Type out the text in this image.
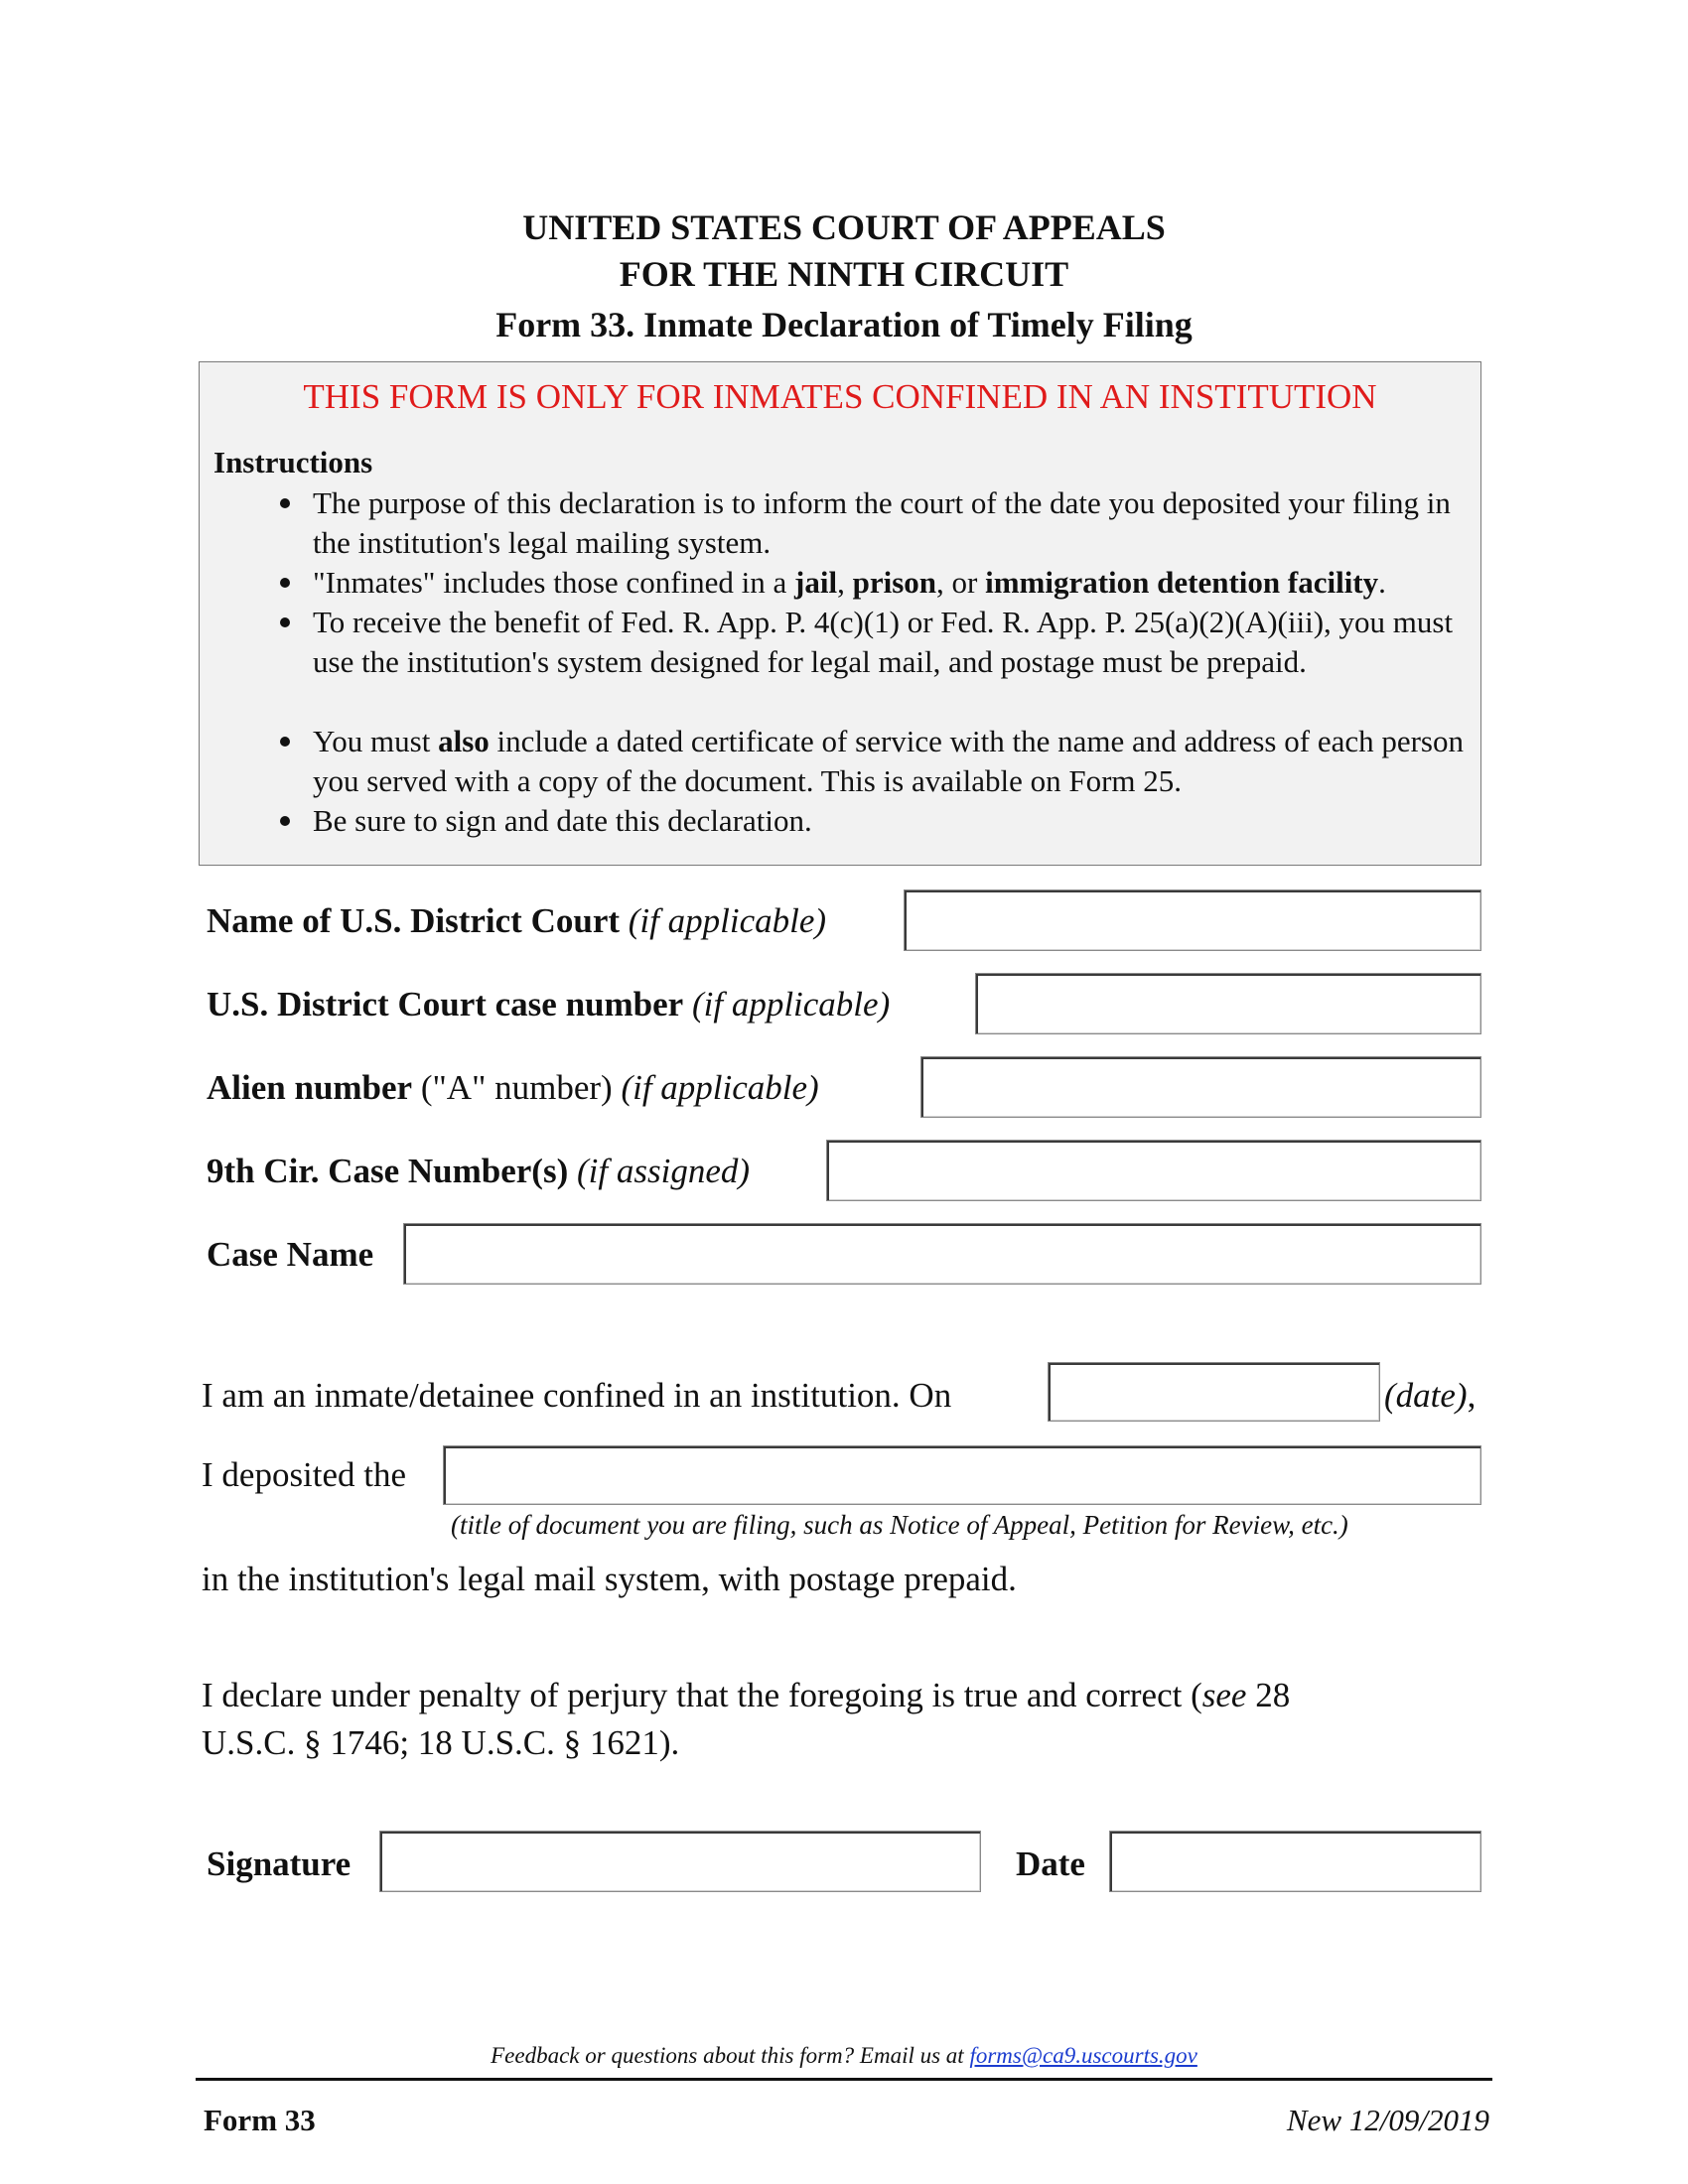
UNITED STATES COURT OF APPEALS
FOR THE NINTH CIRCUIT
Form 33. Inmate Declaration of Timely Filing
THIS FORM IS ONLY FOR INMATES CONFINED IN AN INSTITUTION
Instructions
The purpose of this declaration is to inform the court of the date you deposited your filing in the institution's legal mailing system.
"Inmates" includes those confined in a jail, prison, or immigration detention facility.
To receive the benefit of Fed. R. App. P. 4(c)(1) or Fed. R. App. P. 25(a)(2)(A)(iii), you must use the institution's system designed for legal mail, and postage must be prepaid.
You must also include a dated certificate of service with the name and address of each person you served with a copy of the document. This is available on Form 25.
Be sure to sign and date this declaration.
Name of U.S. District Court (if applicable)
U.S. District Court case number (if applicable)
Alien number ("A" number) (if applicable)
9th Cir. Case Number(s) (if assigned)
Case Name
I am an inmate/detainee confined in an institution. On	(date),
I deposited the
(title of document you are filing, such as Notice of Appeal, Petition for Review, etc.)
in the institution's legal mail system, with postage prepaid.
I declare under penalty of perjury that the foregoing is true and correct (see 28
U.S.C. § 1746; 18 U.S.C. § 1621).
Signature	Date
Feedback or questions about this form? Email us at forms@ca9.uscourts.gov
Form 33	New 12/09/2019
